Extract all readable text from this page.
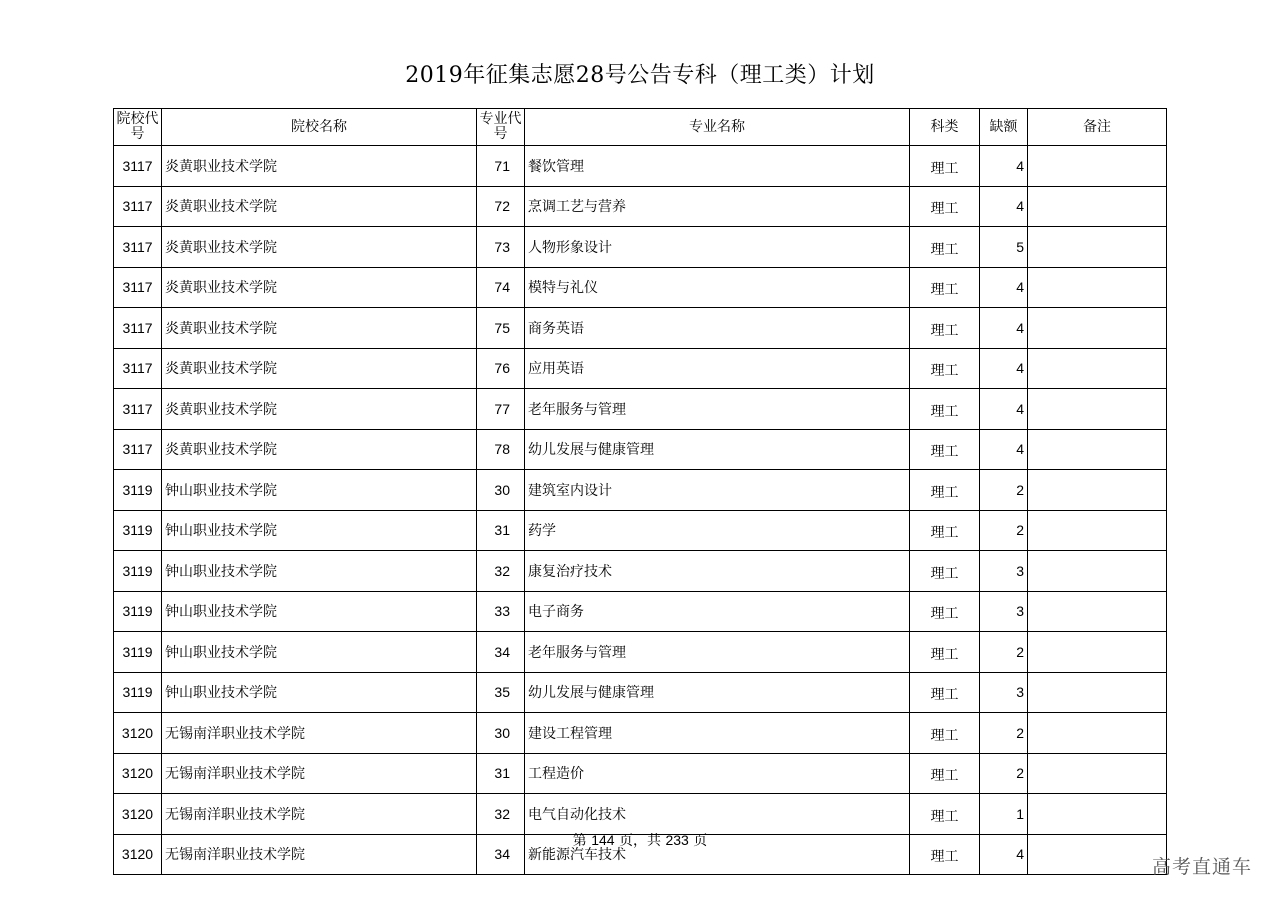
2019年征集志愿28号公告专科（理工类）计划
院校代号	院校名称	专业代号	专业名称	科类	缺额	备注
3117	炎黄职业技术学院	71	餐饮管理	理工	4	
3117	炎黄职业技术学院	72	烹调工艺与营养	理工	4	
3117	炎黄职业技术学院	73	人物形象设计	理工	5	
3117	炎黄职业技术学院	74	模特与礼仪	理工	4	
3117	炎黄职业技术学院	75	商务英语	理工	4	
3117	炎黄职业技术学院	76	应用英语	理工	4	
3117	炎黄职业技术学院	77	老年服务与管理	理工	4	
3117	炎黄职业技术学院	78	幼儿发展与健康管理	理工	4	
3119	钟山职业技术学院	30	建筑室内设计	理工	2	
3119	钟山职业技术学院	31	药学	理工	2	
3119	钟山职业技术学院	32	康复治疗技术	理工	3	
3119	钟山职业技术学院	33	电子商务	理工	3	
3119	钟山职业技术学院	34	老年服务与管理	理工	2	
3119	钟山职业技术学院	35	幼儿发展与健康管理	理工	3	
3120	无锡南洋职业技术学院	30	建设工程管理	理工	2	
3120	无锡南洋职业技术学院	31	工程造价	理工	2	
3120	无锡南洋职业技术学院	32	电气自动化技术	理工	1	
3120	无锡南洋职业技术学院	34	新能源汽车技术	理工	4	
第 144 页，共 233 页
高考直通车
